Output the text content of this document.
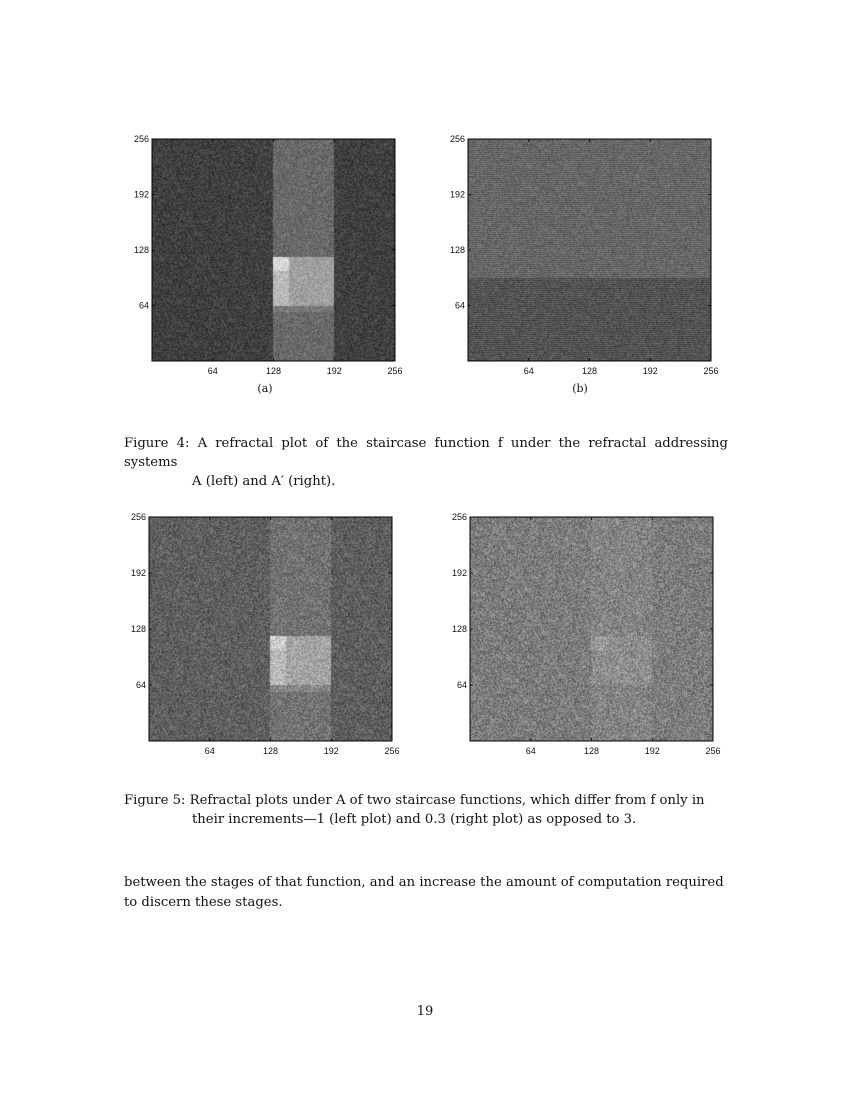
64	128	192	256
64
128
192
256
(a)
64	128	192	256
64
128
192
256
(b)
Figure 4: A refractal plot of the staircase function f under the refractal addressing systems
A (left) and A′ (right).
64	128	192	256
64
128
192
256
64	128	192	256
64
128
192
256
Figure 5: Refractal plots under A of two staircase functions, which differ from f only in
their increments—1 (left plot) and 0.3 (right plot) as opposed to 3.
between the stages of that function, and an increase the amount of computation required
to discern these stages.
19
